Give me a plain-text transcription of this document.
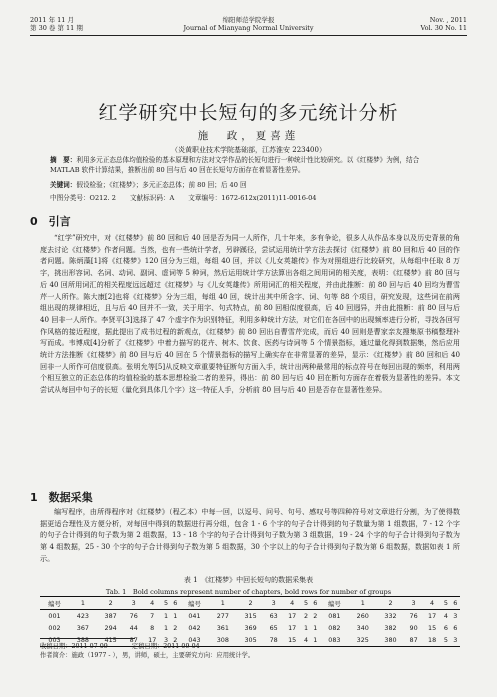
2011 年 11 月	绵阳师范学院学报	Nov. , 2011
第 30 卷 第 11 期	Journal of Mianyang Normal University	Vol. 30 No. 11
红学研究中长短句的多元统计分析
施　政，夏喜莲
（炎黄职业技术学院基础部，江苏淮安 223400）
摘　要：利用多元正态总体均值检验的基本原理和方法对文学作品的长短句进行一种统计性比较研究。以《红楼梦》为例，结合 MATLAB 软件计算结果，推断出前 80 回与后 40 回在长短句方面存在着显著性差异。
关键词：假设检验；《红楼梦》；多元正态总体；前 80 回；后 40 回
中图分类号：O212. 2 文献标识码：A 文章编号：1672-612x(2011)11-0016-04
0　引言
“红学”研究中，对《红楼梦》前 80 回和后 40 回是否为同一人所作，几十年来，多有争论，很多人从作品本身以及历史背景的角度去讨论《红楼梦》作者问题。当然，也有一些统计学者，另辟蹊径，尝试运用统计学方法去探讨《红楼梦》前 80 回和后 40 回的作者问题。陈炳藻[1]将《红楼梦》120 回分为三组，每组 40 回，并以《儿女英雄传》作为对照组进行比较研究，从每组中任取 8 万字，挑出形容词、名词、动词、副词、虚词等 5 种词，然后运用统计学方法算出各组之间用词的相关度，表明：《红楼梦》前 80 回与后 40 回所用词汇的相关程度远远超过《红楼梦》与《儿女英雄传》所用词汇的相关程度，并由此推断：前 80 回与后 40 回均为曹雪芹一人所作。陈大康[2]也将《红楼梦》分为三组，每组 40 回，统计出其中所含字、词、句等 88 个项目，研究发现，这些词在前两组出现的规律相近，且与后 40 回并不一致，关于用字、句式特点，前 80 回相似度很高，后 40 回迥异，并由此推断：前 80 回与后 40 回非一人所作。李贤平[3]选择了 47 个虚字作为识别特征，利用多种统计方法，对它们在各回中的出现频率进行分析，寻找各回写作风格的接近程度，据此提出了成书过程的新观点，《红楼梦》前 80 回出自曹雪芹完成，而后 40 回则是曹家亲友搜集原书稿整理补写而成。韦博成[4]分析了《红楼梦》中着力描写的花卉、树木、饮食、医药与诗词等 5 个情景指标，通过量化得到数据集，然后应用统计方法推断《红楼梦》前 80 回与后 40 回在 5 个情景指标的描写上确实存在非常显著的差异，显示：《红楼梦》前 80 回和后 40 回非一人所作可信度很高。张明允等[5]从反映文章重要特征断句方面入手，统计出两种最常用的标点符号在每回出现的频率，利用两个相互独立的正态总体的均值检验的基本思想检验二者的差异，得出：前 80 回与后 40 回在断句方面存在着极为显著性的差异。本文尝试从每回中句子的长短（量化到具体几个字）这一特征人手，分析前 80 回与后 40 回是否存在显著性差异。
1　数据采集
编写程序，由所得程序对《红楼梦》（程乙本）中每一回，以逗号、问号、句号、感叹号等四种符号对文章进行分割，为了使得数据更适合理性及方便分析，对每回中得到的数据进行再分组，包含 1 - 6 个字的句子合计得到的句子数量为第 1 组数据，7 - 12 个字的句子合计得到的句子数为第 2 组数据，13 - 18 个字的句子合计得到句子数为第 3 组数据，19 - 24 个字的句子合计得到句子数为第 4 组数据，25 - 30 个字的句子合计得到句子数为第 5 组数据，30 个字以上的句子合计得到句子数为第 6 组数据，数据如表 1 所示。
表 1　《红楼梦》中回长短句的数据采集表
Tab. 1　Bold columns represent number of chapters, bold rows for number of groups
编号	1	2	3	4	5	6	编号	1	2	3	4	5	6	编号	1	2	3	4	5	6
001	423	387	76	7	1	1	041	277	315	63	17	2	2	081	260	332	76	17	4	3
002	367	294	44	8	1	2	042	361	369	65	17	1	1	082	340	382	90	15	6	6
003	388	415	87	17	3	2	043	308	305	78	15	4	1	083	325	380	87	18	5	3
收稿日期：2011-07-09	定稿日期：2011-09-04
作者简介：施政（1977 - ），男，讲师，硕士，主要研究方向：应用统计学。
